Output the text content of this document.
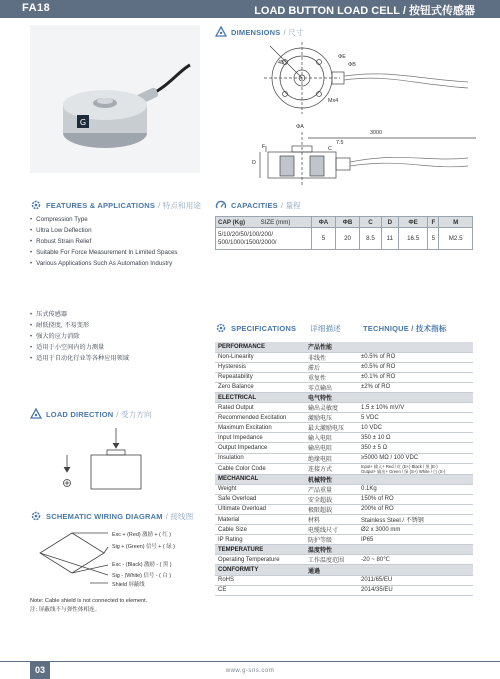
FA18	LOAD BUTTON LOAD CELL / 按钮式传感器
G
DIMENSIONS / 尺寸
45°
ΦE
ΦB
Mx4
ΦA
7.5
3000
D
F	C
FEATURES & APPLICATIONS / 特点和用途
• Compression Type
• Ultra Low Deflection
• Robust Strain Relief
• Suitable For Force Measurement In Limited Spaces
• Various Applications Such As Automation Industry
• 压式传感器
• 耐低挠度, 不易变形
• 强大的应力消除
• 适用于小空间内的力测量
• 适用于自动化行业等各种应用领域
CAPACITIES / 量程
CAP (Kg) SIZE (mm)	ΦA	ΦB	C	D	ΦE	F	M
5/10/20/50/100/200/ 500/1000/1500/2000/	5	20	8.5	11	16.5	5	M2.5
SPECIFICATIONS 详细描述	TECHNIQUE / 技术指标
PERFORMANCE	产品性能	
Non-Linearity	非线性	±0.5% of RO
Hysteresis	滞后	±0.5% of RO
Repeatability	重复性	±0.1% of RO
Zero Balance	零点输出	±2% of RO
ELECTRICAL	电气特性	
Rated Output	输出灵敏度	1.5 ± 10% mV/V
Recommended Excitation	激励电压	5 VDC
Maximum Excitation	最大激励电压	10 VDC
Input Impedance	输入电阻	350 ± 10 Ω
Output Impedance	输出电阻	350 ± 5 Ω
Insulation	绝缘电阻	≥5000 MΩ / 100 VDC
Cable Color Code	连接方式	Input+ 输入+ Red / 红 (E+) Black / 黑 (E-)
Output+ 输出+ Green / 绿 (S+) White / 白 (S-)

MECHANICAL	机械特性	
Weight	产品重量	0.1Kg
Safe Overload	安全超载	150% of RO
Ultimate Overload	极限超载	200% of RO
Material	材料	Stainless Steel / 不锈钢
Cable Size	电缆线尺寸	Ø2 x 3000 mm
IP Rating	防护等级	IP65
TEMPERATURE	温度特性	
Operating Temperature	工作温度范围	-20 ~ 80℃
CONFORMITY	通過	
RoHS		2011/65/EU
CE		2014/35/EU
LOAD DIRECTION / 受力方向
SCHEMATIC WIRING DIAGRAM / 接线图
Exc + (Red) 激励 + ( 红 )
Sig + (Green) 信号 + ( 绿 )
Exc - (Black) 激励 - ( 黑 )
Sig - (White) 信号 - ( 白 )
Shield 屏蔽线
Note: Cable shield is not connected to element.
注: 屏蔽线不与弹性体相连。
03	www.g-sns.com
